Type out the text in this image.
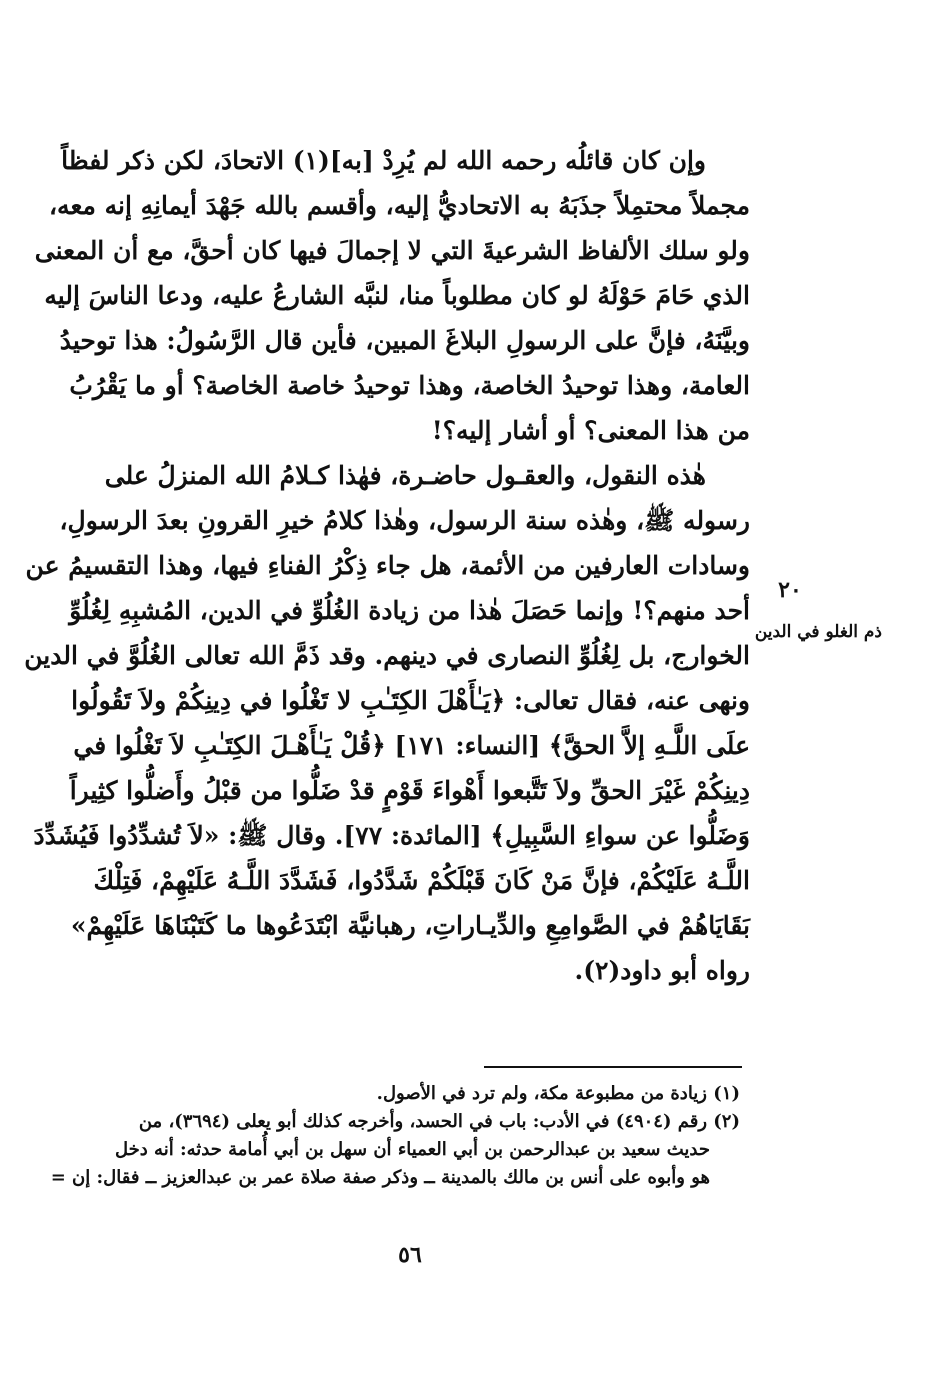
وإن كان قائلُه رحمه الله لم يُرِدْ [به](١) الاتحادَ، لكن ذكر لفظاً
مجملاً محتمِلاً جذَبَهُ به الاتحاديُّ إليه، وأقسم بالله جَهْدَ أيمانِهِ إنه معه،
ولو سلك الألفاظ الشرعيةَ التي لا إجمالَ فيها كان أحقَّ، مع أن المعنى
الذي حَامَ حَوْلَهُ لو كان مطلوباً منا، لنبَّه الشارعُ عليه، ودعا الناسَ إليه
وبيَّنَهُ، فإنَّ على الرسولِ البلاغَ المبين، فأين قال الرَّسُولُ: هذا توحيدُ
العامة، وهذا توحيدُ الخاصة، وهذا توحيدُ خاصة الخاصة؟ أو ما يَقْرُبُ
من هذا المعنى؟ أو أشار إليه؟!
هٰذه النقول، والعقـول حاضـرة، فهٰذا كـلامُ الله المنزلُ على
رسوله ﷺ، وهٰذه سنة الرسول، وهٰذا كلامُ خيرِ القرونِ بعدَ الرسولِ،
وسادات العارفين من الأئمة، هل جاء ذِكْرُ الفناءِ فيها، وهذا التقسيمُ عن
أحد منهم؟! وإنما حَصَلَ هٰذا من زيادة الغُلُوِّ في الدين، المُشبِهِ لِغُلُوِّ
الخوارج، بل لِغُلُوِّ النصارى في دينهم. وقد ذَمَّ الله تعالى الغُلُوَّ في الدين
ونهى عنه، فقال تعالى: ﴿يَـٰأَهْلَ الكِتَـٰبِ لا تَغْلُوا في دِينِكُمْ ولاَ تَقُولُوا
علَى اللَّـهِ إلاَّ الحقَّ﴾ [النساء: ١٧١] ﴿قُلْ يَـٰأَهْـلَ الكِتَـٰبِ لاَ تَغْلُوا في
دِينِكُمْ غَيْرَ الحقِّ ولاَ تَتَّبعوا أَهْواءَ قَوْمٍ قدْ ضَلُّوا من قبْلُ وأَضلُّوا كثِيراً
وَضَلُّوا عن سواءِ السَّبِيلِ﴾ [المائدة: ٧٧]. وقال ﷺ: «لاَ تُشدِّدُوا فَيُشَدِّدَ
اللَّـهُ عَلَيْكُمْ، فإنَّ مَنْ كَانَ قَبْلَكُمْ شَدَّدُوا، فَشَدَّدَ اللَّـهُ عَلَيْهِمْ، فَتِلْكَ
بَقَايَاهُمْ في الصَّوامِعِ والدِّيـاراتِ، رهبانيَّة ابْتَدَعُوها ما كَتَبْنَاهَا عَلَيْهِمْ»
رواه أبو داود(٢).
٢٠
ذم الغلو في الدين
(١) زيادة من مطبوعة مكة، ولم ترد في الأصول.
(٢) رقم (٤٩٠٤) في الأدب: باب في الحسد، وأخرجه كذلك أبو يعلى (٣٦٩٤)، من
حديث سعيد بن عبدالرحمن بن أبي العمياء أن سهل بن أبي أُمامة حدثه: أنه دخل
هو وأبوه على أنس بن مالك بالمدينة ــ وذكر صفة صلاة عمر بن عبدالعزيز ــ فقال: إن =
٥٦
